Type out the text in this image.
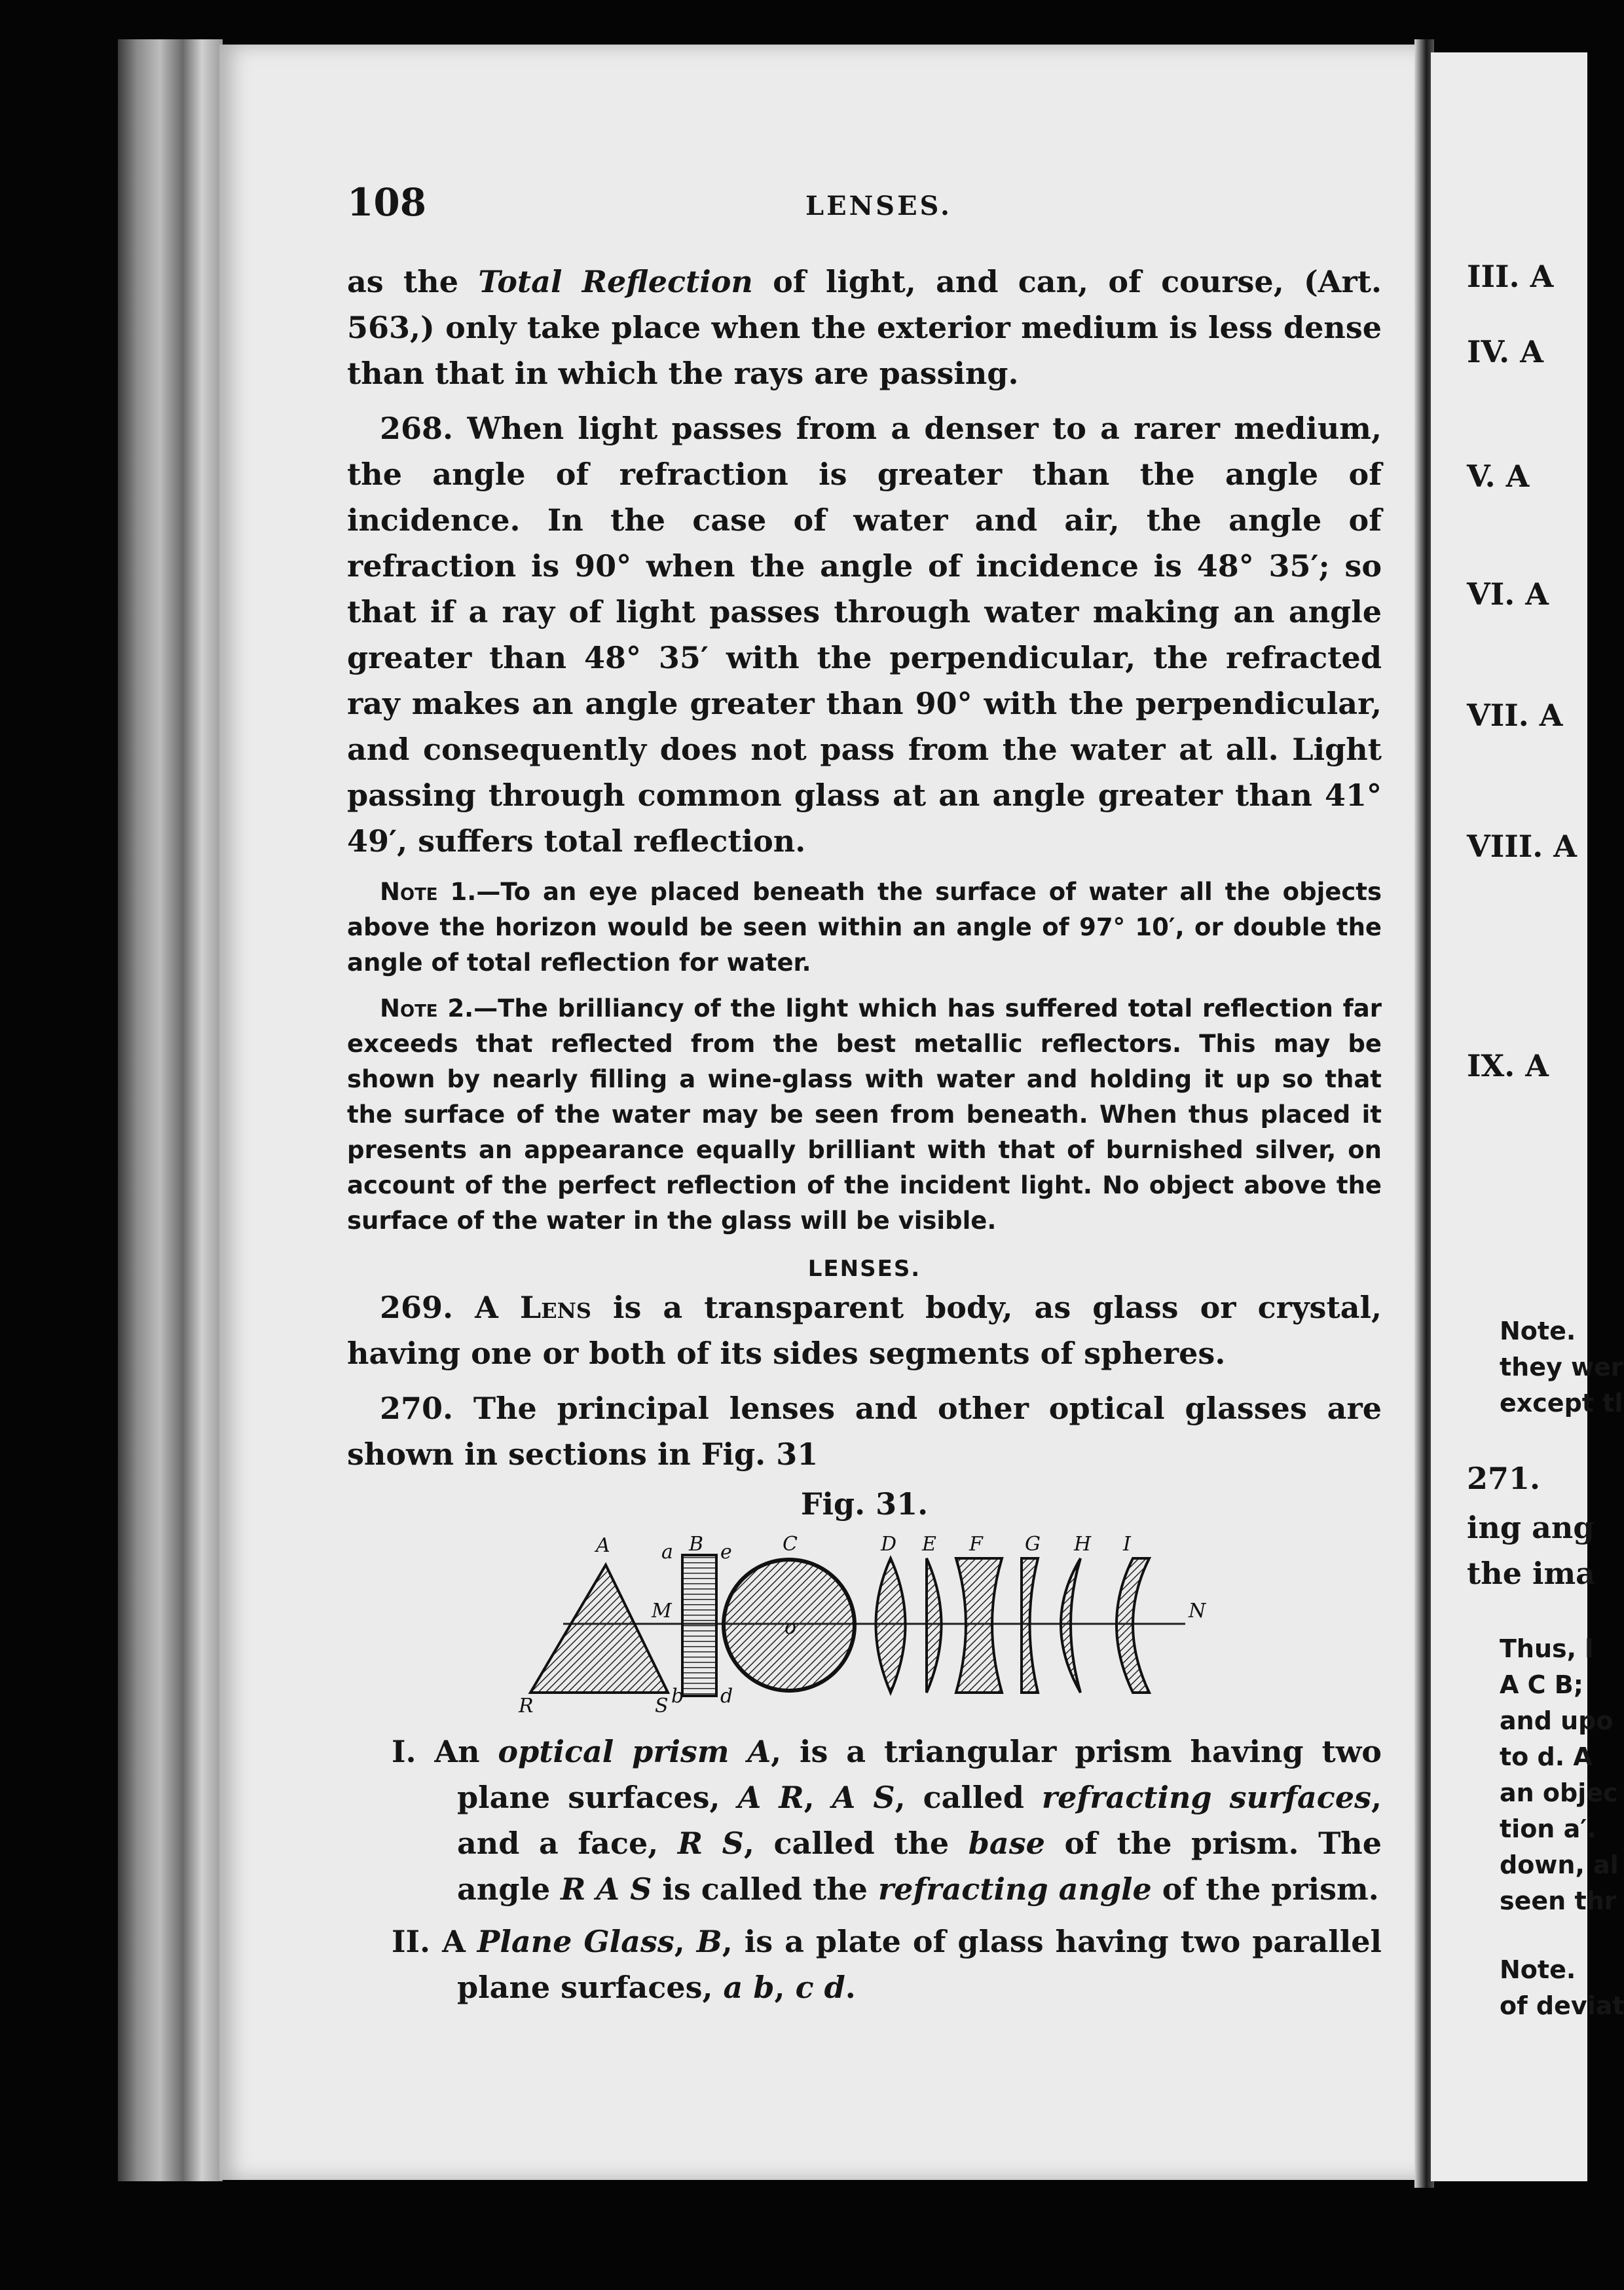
108	LENSES.

as the Total Reflection of light, and can, of course, (Art. 563,) only take place when the exterior medium is less dense than that in which the rays are passing.

268. When light passes from a denser to a rarer medium, the angle of refraction is greater than the angle of incidence. In the case of water and air, the angle of refraction is 90° when the angle of incidence is 48° 35′; so that if a ray of light passes through water making an angle greater than 48° 35′ with the perpendicular, the refracted ray makes an angle greater than 90° with the perpendicular, and consequently does not pass from the water at all. Light passing through common glass at an angle greater than 41° 49′, suffers total reflection.

Note 1.—To an eye placed beneath the surface of water all the objects above the horizon would be seen within an angle of 97° 10′, or double the angle of total reflection for water.
Note 2.—The brilliancy of the light which has suffered total reflection far exceeds that reflected from the best metallic reflectors. This may be shown by nearly filling a wine-glass with water and holding it up so that the surface of the water may be seen from beneath. When thus placed it presents an appearance equally brilliant with that of burnished silver, on account of the perfect reflection of the incident light. No object above the surface of the water in the glass will be visible.
LENSES.

269. A Lens is a transparent body, as glass or crystal, having one or both of its sides segments of spheres.

270. The principal lenses and other optical glasses are shown in sections in Fig. 31

Fig. 31.
A	a B e	C	D E F G H I
M	N
R	S b d
o
I. An optical prism A, is a triangular prism having two plane surfaces, A R, A S, called refracting surfaces, and a face, R S, called the base of the prism. The angle R A S is called the refracting angle of the prism.
II. A Plane Glass, B, is a plate of glass having two parallel plane surfaces, a b, c d.
III. A
IV. A
V. A
VI. A
VII. A
VIII. A
IX. A
271.
ing ang
the ima
Note.
they wer
except tl
Thus, l
A C B;
and upo
to d. A
an objec
tion a′.
down, al
seen thr
Note.
of deviat
